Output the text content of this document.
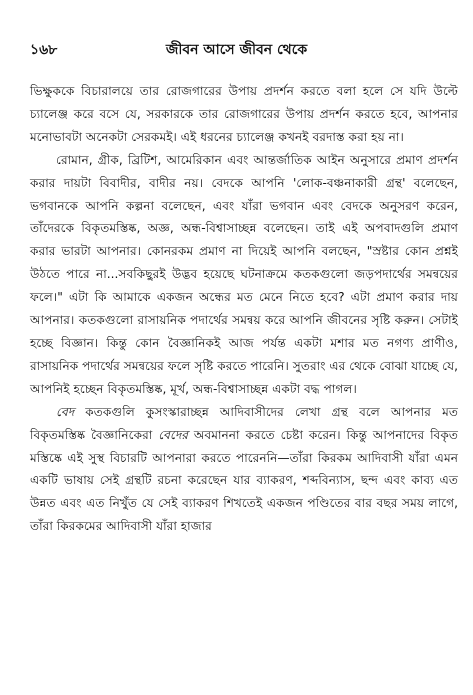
১৬৮	জীবন আসে জীবন থেকে

ভিক্ষুককে বিচারালয়ে তার রোজগারের উপায় প্রদর্শন করতে বলা হলে সে যদি উল্টে চ্যালেঞ্জ করে বসে যে, সরকারকে তার রোজগারের উপায় প্রদর্শন করতে হবে, আপনার মনোভাবটা অনেকটা সেরকমই। এই ধরনের চ্যালেঞ্জ কখনই বরদাস্ত করা হয় না।

রোমান, গ্রীক, ব্রিটিশ, আমেরিকান এবং আন্তর্জাতিক আইন অনুসারে প্রমাণ প্রদর্শন করার দায়টা বিবাদীর, বাদীর নয়। বেদকে আপনি 'লোক-বঞ্চনাকারী গ্রন্থ' বলেছেন, ভগবানকে আপনি কল্পনা বলেছেন, এবং যাঁরা ভগবান এবং বেদকে অনুসরণ করেন, তাঁদেরকে বিকৃতমস্তিষ্ক, অজ্ঞ, অন্ধ-বিশ্বাসাচ্ছন্ন বলেছেন। তাই এই অপবাদগুলি প্রমাণ করার ভারটা আপনার। কোনরকম প্রমাণ না দিয়েই আপনি বলছেন, "স্রষ্টার কোন প্রশ্নই উঠতে পারে না...সবকিছুরই উদ্ভব হয়েছে ঘটনাক্রমে কতকগুলো জড়পদার্থের সমন্বয়ের ফলে।" এটা কি আমাকে একজন অন্ধের মত মেনে নিতে হবে? এটা প্রমাণ করার দায় আপনার। কতকগুলো রাসায়নিক পদার্থের সমন্বয় করে আপনি জীবনের সৃষ্টি করুন। সেটাই হচ্ছে বিজ্ঞান। কিন্তু কোন বৈজ্ঞানিকই আজ পর্যন্ত একটা মশার মত নগণ্য প্রাণীও, রাসায়নিক পদার্থের সমন্বয়ের ফলে সৃষ্টি করতে পারেনি। সুতরাং এর থেকে বোঝা যাচ্ছে যে, আপনিই হচ্ছেন বিকৃতমস্তিষ্ক, মূর্খ, অন্ধ-বিশ্বাসাচ্ছন্ন একটা বদ্ধ পাগল।

বেদ কতকগুলি কুসংস্কারাচ্ছন্ন আদিবাসীদের লেখা গ্রন্থ বলে আপনার মত বিকৃতমস্তিষ্ক বৈজ্ঞানিকেরা বেদের অবমাননা করতে চেষ্টা করেন। কিন্তু আপনাদের বিকৃত মস্তিষ্কে এই সুস্থ বিচারটি আপনারা করতে পারেননি—তাঁরা কিরকম আদিবাসী যাঁরা এমন একটি ভাষায় সেই গ্রন্থটি রচনা করেছেন যার ব্যাকরণ, শব্দবিন্যাস, ছন্দ এবং কাব্য এত উন্নত এবং এত নিখুঁত যে সেই ব্যাকরণ শিখতেই একজন পণ্ডিতের বার বছর সময় লাগে, তাঁরা কিরকমের আদিবাসী যাঁরা হাজার
